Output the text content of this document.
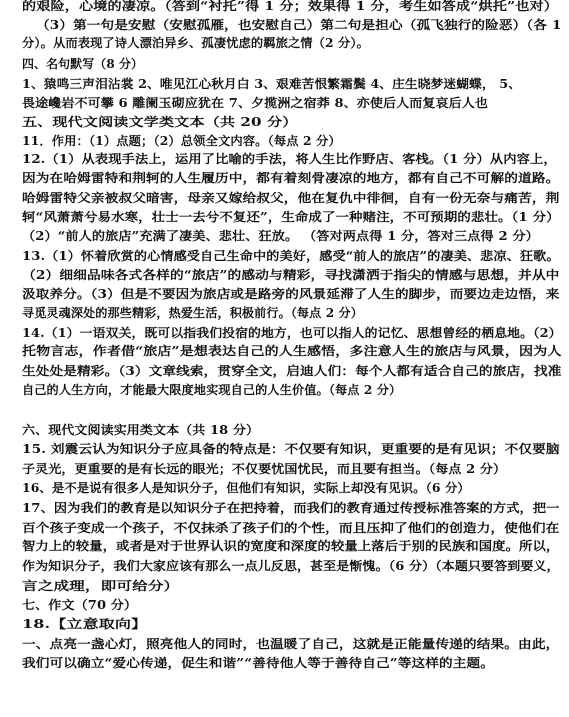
的艰险，心境的凄凉。（答到“衬托”得 1 分；效果得 1 分，考生如答成“烘托”也对）
（3）第一句是安慰（安慰孤雁，也安慰自己）第二句是担心（孤飞独行的险恶）（各 1
分）。从而表现了诗人漂泊异乡、孤凄忧虑的羁旅之情（2 分）。
四、名句默写（8 分）
1、猿鸣三声泪沾裳 2、唯见江心秋月白 3、艰难苦恨繁霜鬓 4、庄生晓梦迷蝴蝶， 5、
畏途巉岩不可攀 6 雕阑玉砌应犹在 7、夕揽洲之宿莽 8、亦使后人而复哀后人也
五、现代文阅读文学类文本（共 20 分）
11．作用：（1）点题；（2）总领全文内容。（每点 2 分）
12.（1）从表现手法上，运用了比喻的手法，将人生比作野店、客栈。（1 分）从内容上，
因为在哈姆雷特和荆轲的人生履历中，都有着刻骨凄凉的地方，都有自己不可解的道路。
哈姆雷特父亲被叔父暗害，母亲又嫁给叔父，他在复仇中徘徊，自有一份无奈与痛苦，荆
轲“风萧萧兮易水寒，壮士一去兮不复还”，生命成了一种赌注，不可预期的悲壮。（1 分）
（2）“前人的旅店”充满了凄美、悲壮、狂放。 （答对两点得 1 分，答对三点得 2 分）
13.（1）怀着欣赏的心情感受自己生命中的美好，感受“前人的旅店”的凄美、悲凉、狂歌。
（2）细细品味各式各样的“旅店”的感动与精彩，寻找潇洒于指尖的情感与思想，并从中
汲取养分。（3）但是不要因为旅店或是路旁的风景延滞了人生的脚步，而要边走边悟，来
寻觅灵魂深处的那些精彩，热爱生活，积极前行。（每点 2 分）
14.（1）一语双关，既可以指我们投宿的地方，也可以指人的记忆、思想曾经的栖息地。（2）
托物言志，作者借“旅店”是想表达自己的人生感悟，多注意人生的旅店与风景，因为人
生处处是精彩。（3）文章线索，贯穿全文，启迪人们：每个人都有适合自己的旅店，找准
自己的人生方向，才能最大限度地实现自己的人生价值。（每点 2 分）
六、现代文阅读实用类文本（共 18 分）
15. 刘震云认为知识分子应具备的特点是：不仅要有知识，更重要的是有见识；不仅要脑
子灵光，更重要的是有长远的眼光；不仅要忧国忧民，而且要有担当。（每点 2 分）
16、是不是说有很多人是知识分子，但他们有知识，实际上却没有见识。（6 分）
17、因为我们的教育是以知识分子在把持着，而我们的教育通过传授标准答案的方式，把一
百个孩子变成一个孩子，不仅抹杀了孩子们的个性，而且压抑了他们的创造力，使他们在
智力上的较量，或者是对于世界认识的宽度和深度的较量上落后于别的民族和国度。所以，
作为知识分子，我们大家应该有那么一点儿反思，甚至是惭愧。（6 分）（本题只要答到要义，
言之成理，即可给分）
七、作文（70 分）
18.【立意取向】
一、点亮一盏心灯，照亮他人的同时，也温暖了自己，这就是正能量传递的结果。由此，
我们可以确立“爱心传递，促生和谐”“善待他人等于善待自己”等这样的主题。
